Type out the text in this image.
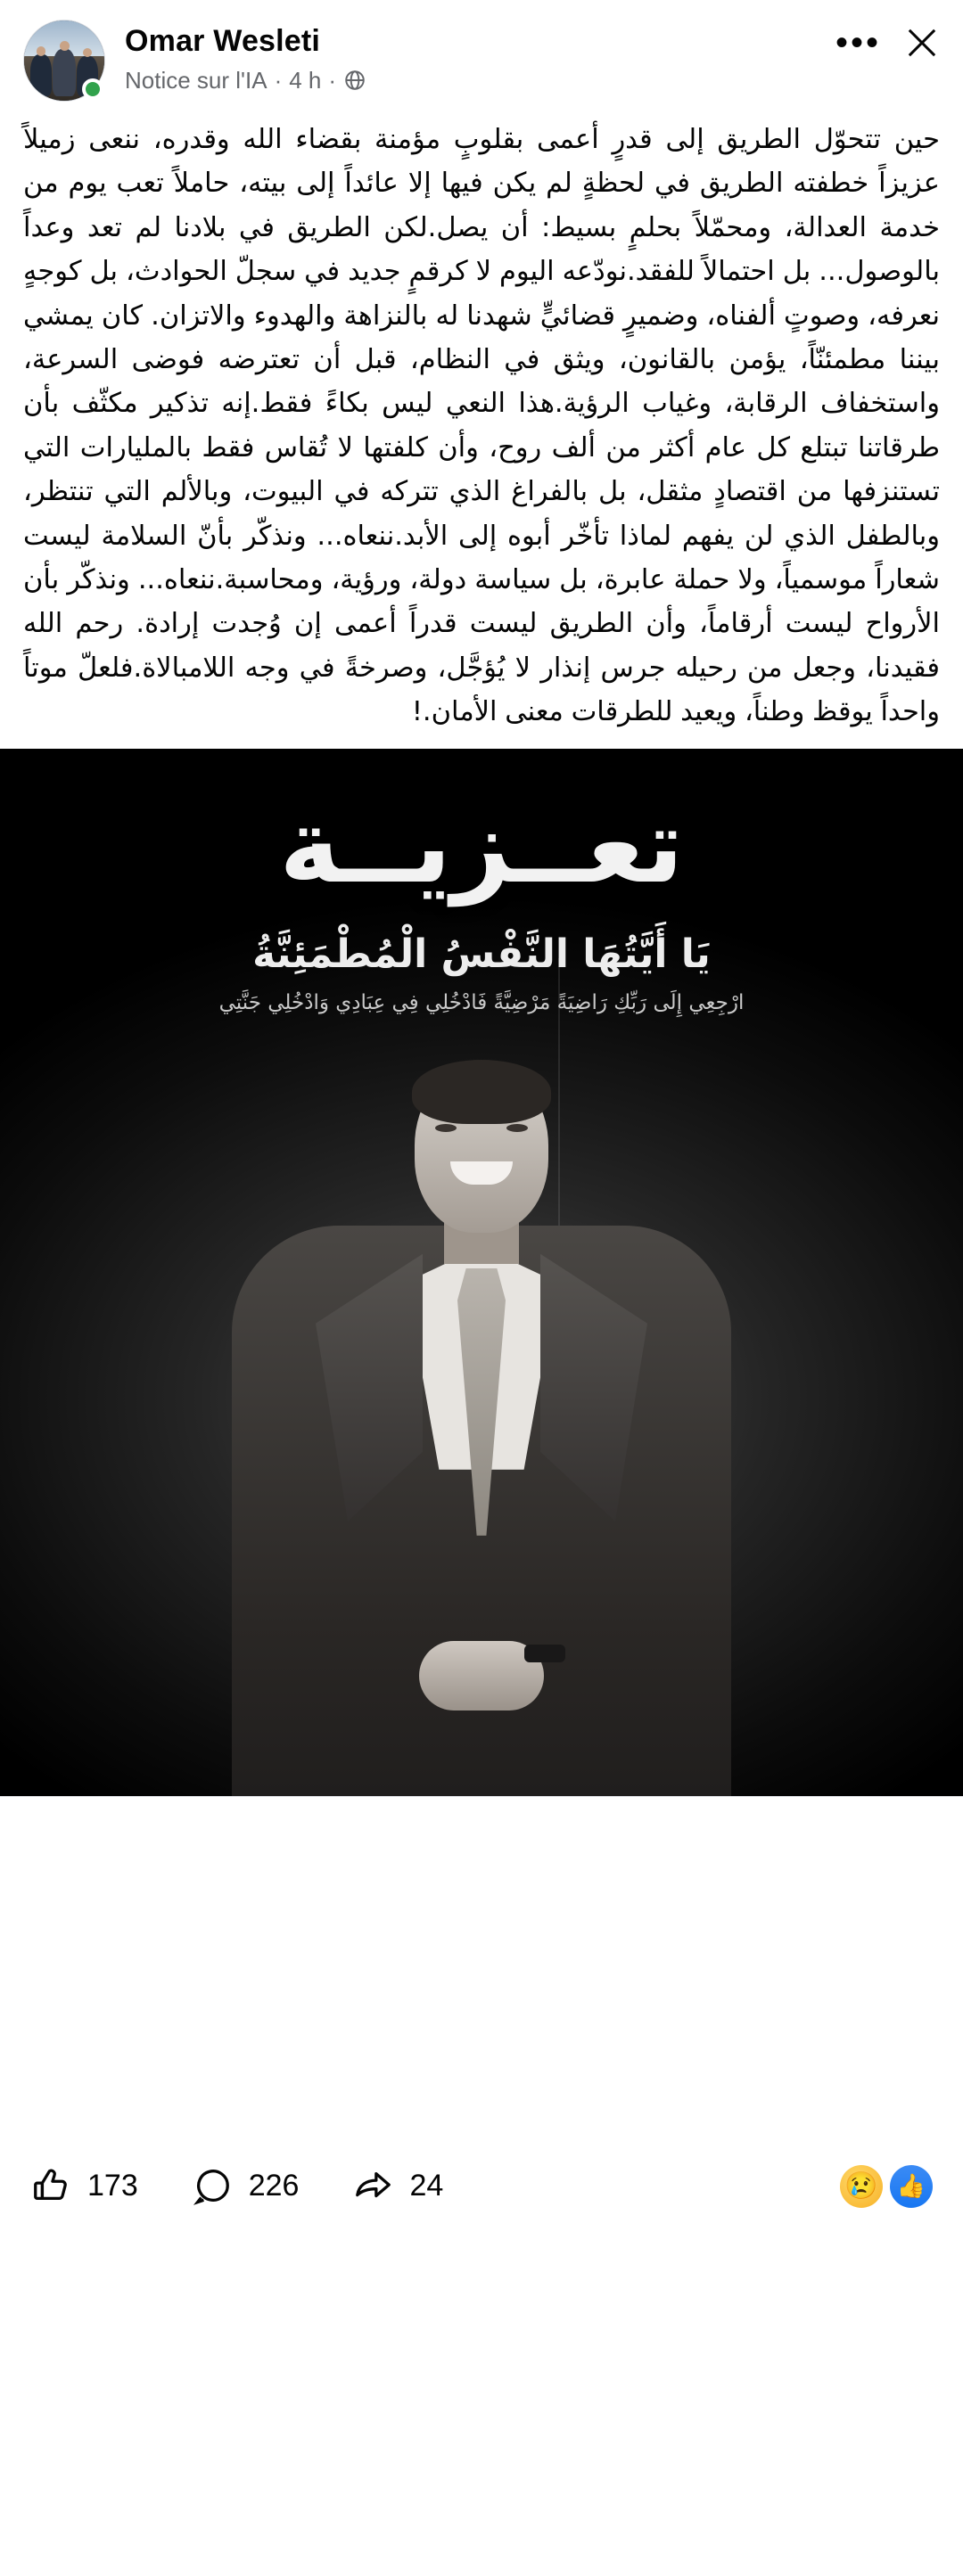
Omar Wesleti
Notice sur l'IA · 4 h ·
•••
حين تتحوّل الطريق إلى قدرٍ أعمى بقلوبٍ مؤمنة بقضاء الله وقدره، ننعى زميلاً عزيزاً خطفته الطريق في لحظةٍ لم يكن فيها إلا عائداً إلى بيته، حاملاً تعب يوم من خدمة العدالة، ومحمّلاً بحلمٍ بسيط: أن يصل.لكن الطريق في بلادنا لم تعد وعداً بالوصول... بل احتمالاً للفقد.نودّعه اليوم لا كرقمٍ جديد في سجلّ الحوادث، بل كوجهٍ نعرفه، وصوتٍ ألفناه، وضميرٍ قضائيٍّ شهدنا له بالنزاهة والهدوء والاتزان. كان يمشي بيننا مطمئنّاً، يؤمن بالقانون، ويثق في النظام، قبل أن تعترضه فوضى السرعة، واستخفاف الرقابة، وغياب الرؤية.هذا النعي ليس بكاءً فقط.إنه تذكير مكثّف بأن طرقاتنا تبتلع كل عام أكثر من ألف روح، وأن كلفتها لا تُقاس فقط بالمليارات التي تستنزفها من اقتصادٍ مثقل، بل بالفراغ الذي تتركه في البيوت، وبالألم التي تنتظر، وبالطفل الذي لن يفهم لماذا تأخّر أبوه إلى الأبد.ننعاه... ونذكّر بأنّ السلامة ليست شعاراً موسمياً، ولا حملة عابرة، بل سياسة دولة، ورؤية، ومحاسبة.ننعاه... ونذكّر بأن الأرواح ليست أرقاماً، وأن الطريق ليست قدراً أعمى إن وُجدت إرادة. رحم الله فقيدنا، وجعل من رحيله جرس إنذار لا يُؤجَّل، وصرخةً في وجه اللامبالاة.فلعلّ موتاً واحداً يوقظ وطناً، ويعيد للطرقات معنى الأمان.!
تعــزيــة
يَا أَيَّتُهَا النَّفْسُ الْمُطْمَئِنَّةُ
ارْجِعِي إِلَى رَبِّكِ رَاضِيَةً مَرْضِيَّةً فَادْخُلِي فِي عِبَادِي وَادْخُلِي جَنَّتِي
173	226	24	😢 👍
